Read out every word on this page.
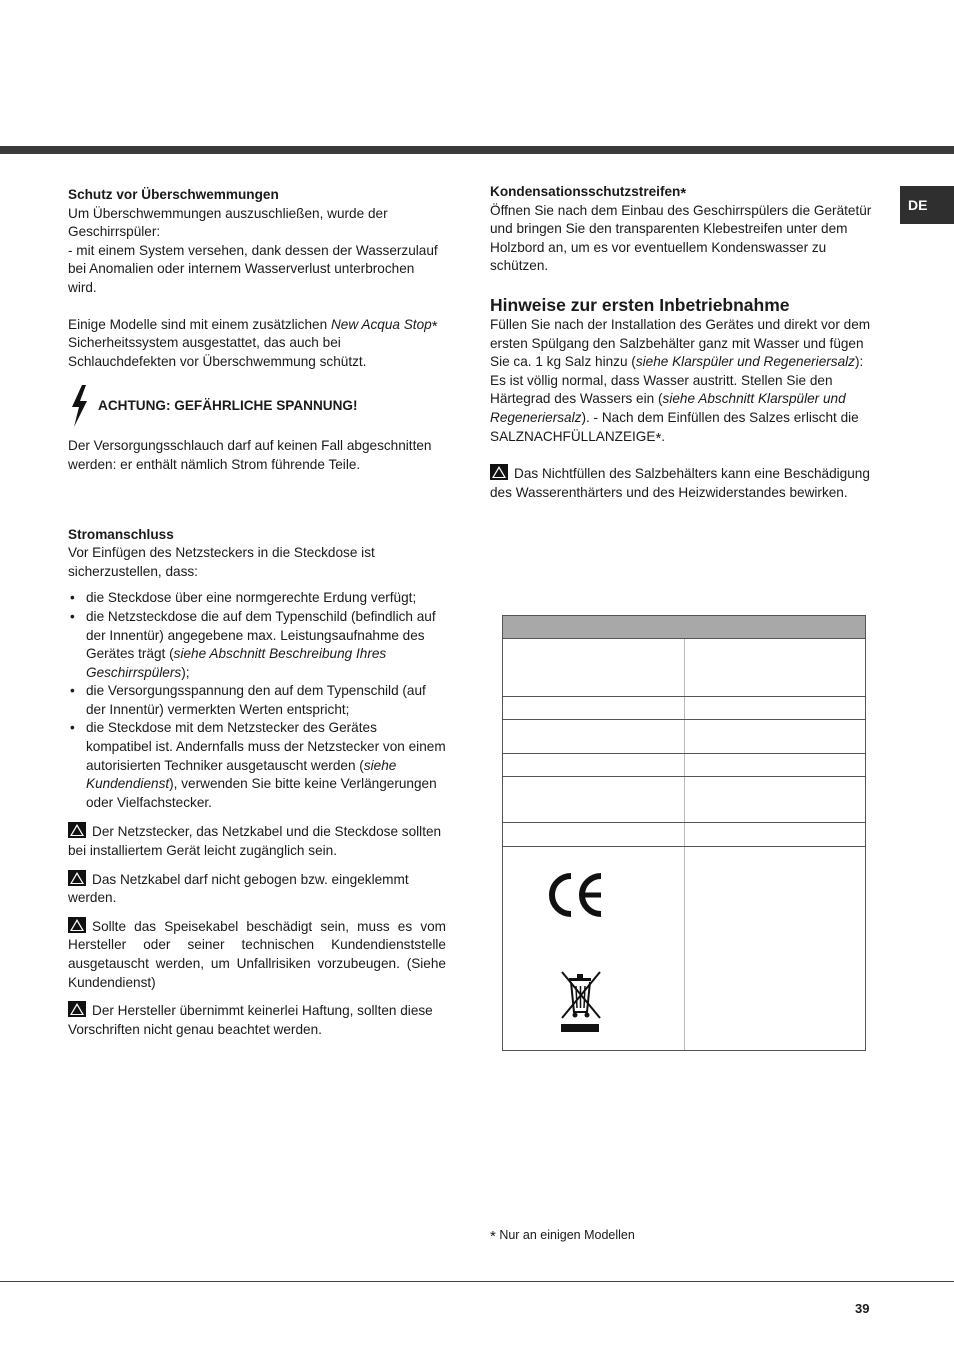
DE

Schutz vor Überschwemmungen

Um Überschwemmungen auszuschließen, wurde der Geschirrspüler:

- mit einem System versehen, dank dessen der Wasserzulauf bei Anomalien oder internem Wasserverlust unterbrochen wird.

Einige Modelle sind mit einem zusätzlichen New Acqua Stop* Sicherheitssystem ausgestattet, das auch bei Schlauchdefekten vor Überschwemmung schützt.

ACHTUNG: GEFÄHRLICHE SPANNUNG!

Der Versorgungsschlauch darf auf keinen Fall abgeschnitten werden: er enthält nämlich Strom führende Teile.

Stromanschluss

Vor Einfügen des Netzsteckers in die Steckdose ist sicherzustellen, dass:

• die Steckdose über eine normgerechte Erdung verfügt;
• die Netzsteckdose die auf dem Typenschild (befindlich auf der Innentür) angegebene max. Leistungsaufnahme des Gerätes trägt (siehe Abschnitt Beschreibung Ihres Geschirrspülers);
• die Versorgungsspannung den auf dem Typenschild (auf der Innentür) vermerkten Werten entspricht;
• die Steckdose mit dem Netzstecker des Gerätes kompatibel ist. Andernfalls muss der Netzstecker von einem autorisierten Techniker ausgetauscht werden (siehe Kundendienst), verwenden Sie bitte keine Verlängerungen oder Vielfachstecker.

Der Netzstecker, das Netzkabel und die Steckdose sollten bei installiertem Gerät leicht zugänglich sein.

Das Netzkabel darf nicht gebogen bzw. eingeklemmt werden.

Sollte das Speisekabel beschädigt sein, muss es vom Hersteller oder seiner technischen Kundendienststelle ausgetauscht werden, um Unfallrisiken vorzubeugen. (Siehe Kundendienst)

Der Hersteller übernimmt keinerlei Haftung, sollten diese Vorschriften nicht genau beachtet werden.

Kondensationsschutzstreifen*

Öffnen Sie nach dem Einbau des Geschirrspülers die Gerätetür und bringen Sie den transparenten Klebestreifen unter dem Holzbord an, um es vor eventuellem Kondenswasser zu schützen.

Hinweise zur ersten Inbetriebnahme

Füllen Sie nach der Installation des Gerätes und direkt vor dem ersten Spülgang den Salzbehälter ganz mit Wasser und fügen Sie ca. 1 kg Salz hinzu (siehe Klarspüler und Regeneriersalz): Es ist völlig normal, dass Wasser austritt. Stellen Sie den Härtegrad des Wassers ein (siehe Abschnitt Klarspüler und Regeneriersalz). - Nach dem Einfüllen des Salzes erlischt die SALZNACHFÜLLANZEIGE*.

Das Nichtfüllen des Salzbehälters kann eine Beschädigung des Wasserenthärters und des Heizwiderstandes bewirken.

* Nur an einigen Modellen
39
